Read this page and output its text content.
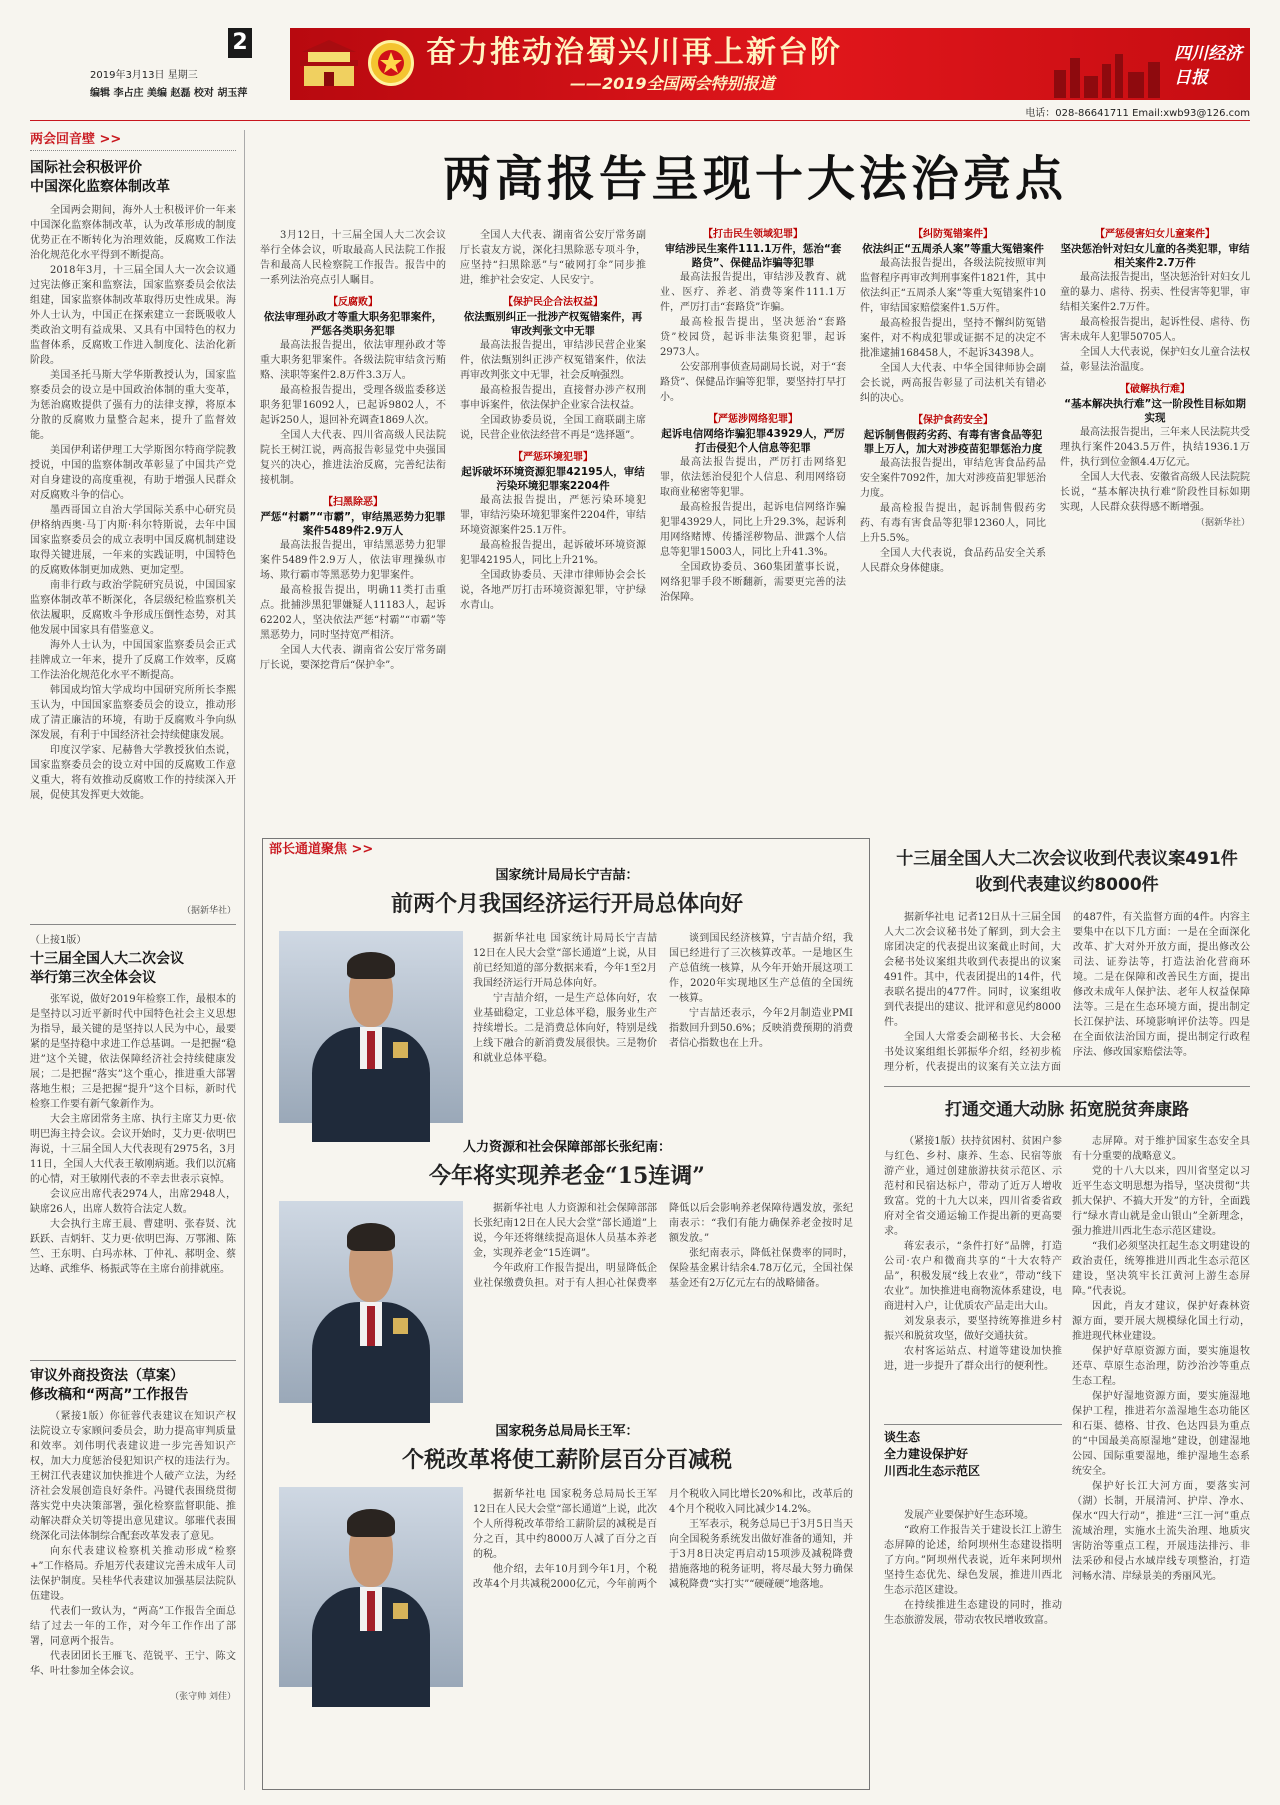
2
2019年3月13日 星期三
编辑 李占庄 美编 赵磊 校对 胡玉萍
奋力推动治蜀兴川再上新台阶
——2019全国两会特别报道
四川经济日报
电话：028-86641711 Email:xwb93@126.com
两会回音壁 >>
国际社会积极评价
中国深化监察体制改革

全国两会期间，海外人士积极评价一年来中国深化监察体制改革，认为改革形成的制度优势正在不断转化为治理效能，反腐败工作法治化规范化水平得到不断提高。

2018年3月，十三届全国人大一次会议通过宪法修正案和监察法，国家监察委员会依法组建，国家监察体制改革取得历史性成果。海外人士认为，中国正在探索建立一套既吸收人类政治文明有益成果、又具有中国特色的权力监督体系，反腐败工作进入制度化、法治化新阶段。

美国圣托马斯大学华斯教授认为，国家监察委员会的设立是中国政治体制的重大变革，为惩治腐败提供了强有力的法律支撑，将原本分散的反腐败力量整合起来，提升了监督效能。

美国伊利诺伊理工大学斯图尔特商学院教授说，中国的监察体制改革彰显了中国共产党对自身建设的高度重视，有助于增强人民群众对反腐败斗争的信心。

墨西哥国立自治大学国际关系中心研究员伊格纳西奥·马丁内斯·科尔特斯说，去年中国国家监察委员会的成立表明中国反腐机制建设取得关键进展，一年来的实践证明，中国特色的反腐败体制更加成熟、更加定型。

南非行政与政治学院研究员说，中国国家监察体制改革不断深化，各层级纪检监察机关依法履职，反腐败斗争形成压倒性态势，对其他发展中国家具有借鉴意义。

海外人士认为，中国国家监察委员会正式挂牌成立一年来，提升了反腐工作效率，反腐工作法治化规范化水平不断提高。

韩国成均馆大学成均中国研究所所长李熙玉认为，中国国家监察委员会的设立，推动形成了清正廉洁的环境，有助于反腐败斗争向纵深发展，有利于中国经济社会持续健康发展。

印度汉学家、尼赫鲁大学教授狄伯杰说，国家监察委员会的设立对中国的反腐败工作意义重大，将有效推动反腐败工作的持续深入开展，促使其发挥更大效能。

（据新华社）
（上接1版）
十三届全国人大二次会议
举行第三次全体会议

张军说，做好2019年检察工作，最根本的是坚持以习近平新时代中国特色社会主义思想为指导，最关键的是坚持以人民为中心，最要紧的是坚持稳中求进工作总基调。一是把握“稳进”这个关键，依法保障经济社会持续健康发展；二是把握“落实”这个重心，推进重大部署落地生根；三是把握“提升”这个目标，新时代检察工作要有新气象新作为。

大会主席团常务主席、执行主席艾力更·依明巴海主持会议。会议开始时，艾力更·依明巴海说，十三届全国人大代表现有2975名，3月11日，全国人大代表王敏刚病逝。我们以沉痛的心情，对王敏刚代表的不幸去世表示哀悼。

会议应出席代表2974人，出席2948人，缺席26人，出席人数符合法定人数。

大会执行主席王晨、曹建明、张春贤、沈跃跃、吉炳轩、艾力更·依明巴海、万鄂湘、陈竺、王东明、白玛赤林、丁仲礼、郝明金、蔡达峰、武维华、杨振武等在主席台前排就座。

审议外商投资法（草案）
修改稿和“两高”工作报告

（紧接1版）你征蓉代表建议在知识产权法院设立专家顾问委员会，助力提高审判质量和效率。刘伟明代表建议进一步完善知识产权，加大力度惩治侵犯知识产权的违法行为。王树江代表建议加快推进个人破产立法，为经济社会发展创造良好条件。冯键代表围绕贯彻落实党中央决策部署，强化检察监督职能、推动解决群众关切等提出意见建议。邬璀代表围绕深化司法体制综合配套改革发表了意见。

向东代表建议检察机关推动形成“检察+”工作格局。乔旭芳代表建议完善未成年人司法保护制度。吴桂华代表建议加强基层法院队伍建设。

代表们一致认为，“两高”工作报告全面总结了过去一年的工作，对今年工作作出了部署，同意两个报告。

代表团团长王雁飞、范锐平、王宁、陈文华、叶壮参加全体会议。

（张守帅 刘佳）
两高报告呈现十大法治亮点

3月12日，十三届全国人大二次会议举行全体会议，听取最高人民法院工作报告和最高人民检察院工作报告。报告中的一系列法治亮点引人瞩目。

【反腐败】
依法审理孙政才等重大职务犯罪案件，严惩各类职务犯罪

最高法报告提出，依法审理孙政才等重大职务犯罪案件。各级法院审结贪污贿赂、渎职等案件2.8万件3.3万人。

最高检报告提出，受理各级监委移送职务犯罪16092人，已起诉9802人，不起诉250人，退回补充调查1869人次。

全国人大代表、四川省高级人民法院院长王树江说，两高报告彰显党中央强国复兴的决心，推进法治反腐，完善纪法衔接机制。

【扫黑除恶】
严惩“村霸”“市霸”，审结黑恶势力犯罪案件5489件2.9万人

最高法报告提出，审结黑恶势力犯罪案件5489件2.9万人，依法审理操纵市场、欺行霸市等黑恶势力犯罪案件。

最高检报告提出，明确11类打击重点。批捕涉黑犯罪嫌疑人11183人，起诉62202人，坚决依法严惩“村霸”“市霸”等黑恶势力，同时坚持宽严相济。

全国人大代表、湖南省公安厅常务副厅长说，要深挖背后“保护伞”。

全国人大代表、湖南省公安厅常务副厅长袁友方说，深化扫黑除恶专项斗争，应坚持“扫黑除恶”与“破网打伞”同步推进，维护社会安定、人民安宁。

【保护民企合法权益】
依法甄别纠正一批涉产权冤错案件，再审改判张文中无罪

最高法报告提出，审结涉民营企业案件，依法甄别纠正涉产权冤错案件，依法再审改判张文中无罪，社会反响强烈。

最高检报告提出，直接督办涉产权刑事申诉案件，依法保护企业家合法权益。

全国政协委员说，全国工商联副主席说，民营企业依法经营不再是“选择题”。

【严惩环境犯罪】
起诉破坏环境资源犯罪42195人，审结污染环境犯罪案2204件

最高法报告提出，严惩污染环境犯罪，审结污染环境犯罪案件2204件，审结环境资源案件25.1万件。

最高检报告提出，起诉破坏环境资源犯罪42195人，同比上升21%。

全国政协委员、天津市律师协会会长说，各地严厉打击环境资源犯罪，守护绿水青山。

【打击民生领域犯罪】
审结涉民生案件111.1万件，惩治“套路贷”、保健品诈骗等犯罪

最高法报告提出，审结涉及教育、就业、医疗、养老、消费等案件111.1万件，严厉打击“套路贷”诈骗。

最高检报告提出，坚决惩治“套路贷”校园贷，起诉非法集资犯罪，起诉2973人。

公安部刑事侦查局副局长说，对于“套路贷”、保健品诈骗等犯罪，要坚持打早打小。

【严惩涉网络犯罪】
起诉电信网络诈骗犯罪43929人，严厉打击侵犯个人信息等犯罪

最高法报告提出，严厉打击网络犯罪，依法惩治侵犯个人信息、利用网络窃取商业秘密等犯罪。

最高检报告提出，起诉电信网络诈骗犯罪43929人，同比上升29.3%，起诉利用网络赌博、传播淫秽物品、泄露个人信息等犯罪15003人，同比上升41.3%。

全国政协委员、360集团董事长说，网络犯罪手段不断翻新，需要更完善的法治保障。

【纠防冤错案件】
依法纠正“五周杀人案”等重大冤错案件

最高法报告提出，各级法院按照审判监督程序再审改判刑事案件1821件，其中依法纠正“五周杀人案”等重大冤错案件10件，审结国家赔偿案件1.5万件。

最高检报告提出，坚持不懈纠防冤错案件，对不构成犯罪或证据不足的决定不批准逮捕168458人，不起诉34398人。

全国人大代表、中华全国律师协会副会长说，两高报告彰显了司法机关有错必纠的决心。

【保护食药安全】
起诉制售假药劣药、有毒有害食品等犯罪上万人，加大对涉疫苗犯罪惩治力度

最高法报告提出，审结危害食品药品安全案件7092件，加大对涉疫苗犯罪惩治力度。

最高检报告提出，起诉制售假药劣药、有毒有害食品等犯罪12360人，同比上升5.5%。

全国人大代表说，食品药品安全关系人民群众身体健康。

【严惩侵害妇女儿童案件】
坚决惩治针对妇女儿童的各类犯罪，审结相关案件2.7万件

最高法报告提出，坚决惩治针对妇女儿童的暴力、虐待、拐卖、性侵害等犯罪，审结相关案件2.7万件。

最高检报告提出，起诉性侵、虐待、伤害未成年人犯罪50705人。

全国人大代表说，保护妇女儿童合法权益，彰显法治温度。

【破解执行难】
“基本解决执行难”这一阶段性目标如期实现

最高法报告提出，三年来人民法院共受理执行案件2043.5万件，执结1936.1万件，执行到位金额4.4万亿元。

全国人大代表、安徽省高级人民法院院长说，“基本解决执行难”阶段性目标如期实现，人民群众获得感不断增强。

（据新华社）
部长通道聚焦 >>
国家统计局局长宁吉喆：
前两个月我国经济运行开局总体向好

据新华社电 国家统计局局长宁吉喆12日在人民大会堂“部长通道”上说，从目前已经知道的部分数据来看，今年1至2月我国经济运行开局总体向好。

宁吉喆介绍，一是生产总体向好，农业基础稳定，工业总体平稳，服务业生产持续增长。二是消费总体向好，特别是线上线下融合的新消费发展很快。三是物价和就业总体平稳。

谈到国民经济核算，宁吉喆介绍，我国已经进行了三次核算改革。一是地区生产总值统一核算，从今年开始开展这项工作，2020年实现地区生产总值的全国统一核算。

宁吉喆还表示，今年2月制造业PMI指数回升到50.6%；反映消费预期的消费者信心指数也在上升。

人力资源和社会保障部部长张纪南：
今年将实现养老金“15连调”

据新华社电 人力资源和社会保障部部长张纪南12日在人民大会堂“部长通道”上说，今年还将继续提高退休人员基本养老金，实现养老金“15连调”。

今年政府工作报告提出，明显降低企业社保缴费负担。对于有人担心社保费率降低以后会影响养老保障待遇发放，张纪南表示：“我们有能力确保养老金按时足额发放。”

张纪南表示，降低社保费率的同时，保险基金累计结余4.78万亿元，全国社保基金还有2万亿元左右的战略储备。

国家税务总局局长王军：
个税改革将使工薪阶层百分百减税

据新华社电 国家税务总局局长王军12日在人民大会堂“部长通道”上说，此次个人所得税改革带给工薪阶层的减税是百分之百，其中约8000万人减了百分之百的税。

他介绍，去年10月到今年1月，个税改革4个月共减税2000亿元，今年前两个月个税收入同比增长20%和比，改革后的4个月个税收入同比减少14.2%。

王军表示，税务总局已于3月5日当天向全国税务系统发出做好准备的通知，并于3月8日决定再启动15项涉及减税降费措施落地的税务证明，将尽最大努力确保减税降费“实打实”“硬碰硬”地落地。

十三届全国人大二次会议收到代表议案491件
收到代表建议约8000件

据新华社电 记者12日从十三届全国人大二次会议秘书处了解到，到大会主席团决定的代表提出议案截止时间，大会秘书处议案组共收到代表提出的议案491件。其中，代表团提出的14件，代表联名提出的477件。同时，议案组收到代表提出的建议、批评和意见约8000件。

全国人大常委会副秘书长、大会秘书处议案组组长郭振华介绍，经初步梳理分析，代表提出的议案有关立法方面的487件，有关监督方面的4件。内容主要集中在以下几方面：一是在全面深化改革、扩大对外开放方面，提出修改公司法、证券法等，打造法治化营商环境。二是在保障和改善民生方面，提出修改未成年人保护法、老年人权益保障法等。三是在生态环境方面，提出制定长江保护法、环境影响评价法等。四是在全面依法治国方面，提出制定行政程序法、修改国家赔偿法等。

打通交通大动脉 拓宽脱贫奔康路

（紧接1版）扶持贫困村、贫困户参与红色、乡村、康养、生态、民宿等旅游产业，通过创建旅游扶贫示范区、示范村和民宿达标户，带动了近万人增收致富。党的十九大以来，四川省委省政府对全省交通运输工作提出新的更高要求。

蒋宏表示，“条件打好”品牌，打造公司·农户和微商共享的“十大农特产品”，积极发展“线上农业”，带动“线下农业”。加快推进电商物流体系建设，电商进村入户，让优质农产品走出大山。

刘发泉表示，要坚持统筹推进乡村振兴和脱贫攻坚，做好交通扶贫。

农村客运站点、村道等建设加快推进，进一步提升了群众出行的便利性。

谈生态
全力建设保护好
川西北生态示范区

发展产业要保护好生态环境。

“政府工作报告关于建设长江上游生态屏障的论述，给阿坝州生态建设指明了方向。”阿坝州代表说，近年来阿坝州坚持生态优先、绿色发展，推进川西北生态示范区建设。

在持续推进生态建设的同时，推动生态旅游发展，带动农牧民增收致富。

志屏障。对于维护国家生态安全具有十分重要的战略意义。

党的十八大以来，四川省坚定以习近平生态文明思想为指导，坚决贯彻“共抓大保护、不搞大开发”的方针，全面践行“绿水青山就是金山银山”全新理念，强力推进川西北生态示范区建设。

“我们必须坚决扛起生态文明建设的政治责任，统筹推进川西北生态示范区建设，坚决筑牢长江黄河上游生态屏障。”代表说。

因此，肖友才建议，保护好森林资源方面，要开展大规模绿化国土行动，推进现代林业建设。

保护好草原资源方面，要实施退牧还草、草原生态治理，防沙治沙等重点生态工程。

保护好湿地资源方面，要实施湿地保护工程，推进若尔盖湿地生态功能区和石渠、德格、甘孜、色达四县为重点的“中国最美高原湿地”建设，创建湿地公园、国际重要湿地，维护湿地生态系统安全。

保护好长江大河方面，要落实河（湖）长制，开展清河、护岸、净水、保水“四大行动”，推进“三江一河”重点流域治理，实施水土流失治理、地质灾害防治等重点工程，开展违法排污、非法采砂和侵占水域岸线专项整治，打造河畅水清、岸绿景美的秀丽风光。
